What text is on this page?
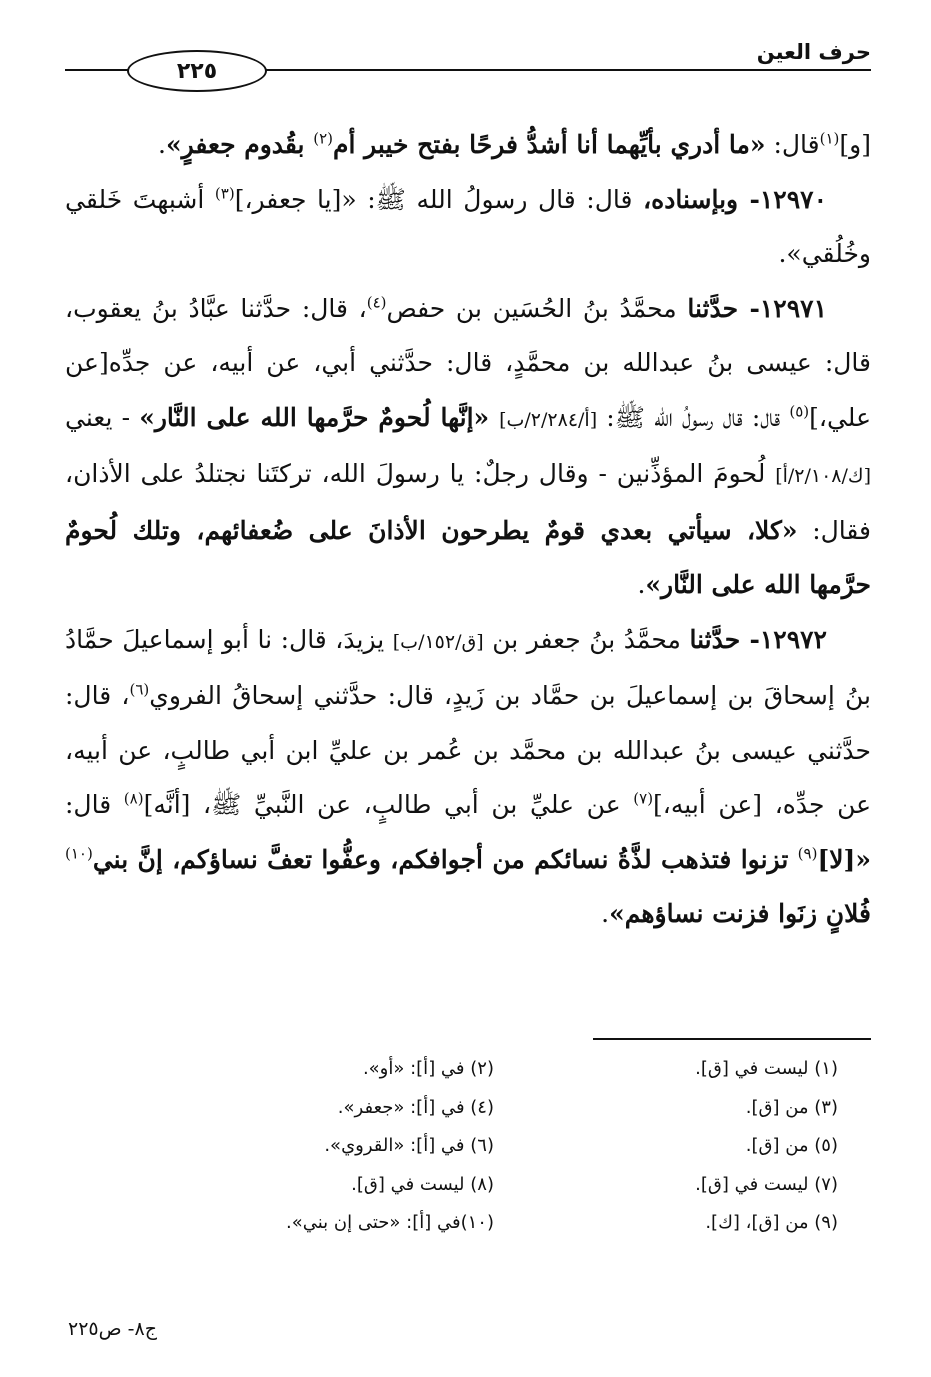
٢٢٥
حرف العين

[و]$^{(١)}$قال: «ما أدري بأيِّهما أنا أشدُّ فرحًا بفتح خيبر أم$^{(٢)}$ بقُدوم جعفرٍ».

١٢٩٧٠- وبإسناده، قال: قال رسولُ الله ﷺ: «[يا جعفر،]$^{(٣)}$ أشبهتَ خَلقي وخُلُقي».

١٢٩٧١- حدَّثنا محمَّدُ بنُ الحُسَين بن حفص$^{(٤)}$، قال: حدَّثنا عبَّادُ بنُ يعقوب، قال: عيسى بنُ عبدالله بن محمَّدٍ، قال: حدَّثني أبي، عن أبيه، عن جدِّه[عن علي،]$^{(٥)}$ قال: قال رسولُ الله ﷺ: [أ/٢/٢٨٤/ب] «إنَّها لُحومٌ حرَّمها الله على النَّار» - يعني [ك/٢/١٠٨/أ] لُحومَ المؤذِّنين - وقال رجلٌ: يا رسولَ الله، تركتَنا نجتلدُ على الأذان، فقال: «كلا، سيأتي بعدي قومٌ يطرحون الأذانَ على ضُعفائهم، وتلك لُحومٌ حرَّمها الله على النَّار».

١٢٩٧٢- حدَّثنا محمَّدُ بنُ جعفر بن [ق/١٥٢/ب] يزيدَ، قال: نا أبو إسماعيلَ حمَّادُ بنُ إسحاقَ بن إسماعيلَ بن حمَّاد بن زَيدٍ، قال: حدَّثني إسحاقُ الفروي$^{(٦)}$، قال: حدَّثني عيسى بنُ عبدالله بن محمَّد بن عُمر بن عليِّ ابن أبي طالبٍ، عن أبيه، عن جدِّه، [عن أبيه،]$^{(٧)}$ عن عليِّ بن أبي طالبٍ، عن النَّبيِّ ﷺ، [أنَّه]$^{(٨)}$ قال: «[لا]$^{(٩)}$ تزنوا فتذهب لذَّةُ نسائكم من أجوافكم، وعفُّوا تعفَّ نساؤكم، إنَّ بني$^{(١٠)}$ فُلانٍ زنَوا فزنت نساؤهم».

(١) ليست في [ق].
(٢) في [أ]: «أو».
(٣) من [ق].
(٤) في [أ]: «جعفر».
(٥) من [ق].
(٦) في [أ]: «القروي».
(٧) ليست في [ق].
(٨) ليست في [ق].
(٩) من [ق]، [ك].
(١٠)في [أ]: «حتى إن بني».
ج٨- ص٢٢٥
